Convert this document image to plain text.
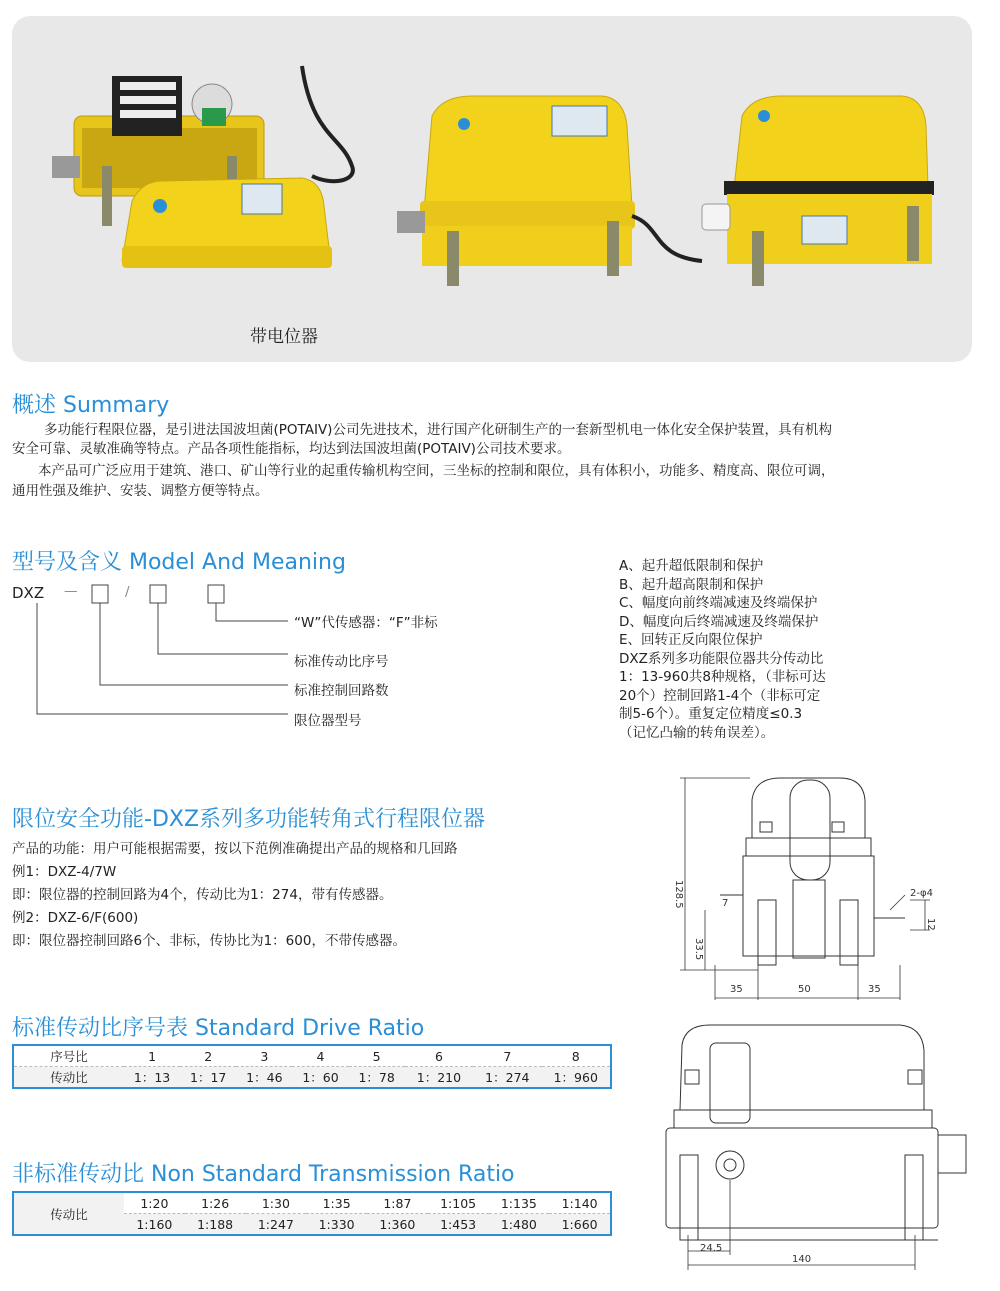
带电位器
概述 Summary
多功能行程限位器，是引进法国波坦菌(POTAIV)公司先进技术，进行国产化研制生产的一套新型机电一体化安全保护装置，具有机构
安全可靠、灵敏准确等特点。产品各项性能指标，均达到法国波坦菌(POTAIV)公司技术要求。
本产品可广泛应用于建筑、港口、矿山等行业的起重传输机构空间，三坐标的控制和限位，具有体积小，功能多、精度高、限位可调，
通用性强及维护、安装、调整方便等特点。
型号及含义 Model And Meaning
DXZ —	/
“W”代传感器：“F”非标
标准传动比序号
标准控制回路数
限位器型号
A、起升超低限制和保护
B、起升超高限制和保护
C、幅度向前终端减速及终端保护
D、幅度向后终端减速及终端保护
E、回转正反向限位保护
DXZ系列多功能限位器共分传动比
1：13-960共8种规格，（非标可达
20个）控制回路1-4个（非标可定
制5-6个）。重复定位精度≤0.3
（记忆凸输的转角误差）。
限位安全功能-DXZ系列多功能转角式行程限位器
产品的功能：用户可能根据需要，按以下范例准确提出产品的规格和几回路
例1：DXZ-4/7W
即：限位器的控制回路为4个，传动比为1：274，带有传感器。
例2：DXZ-6/F(600)
即：限位器控制回路6个、非标，传协比为1：600，不带传感器。
128.5
33.5
7
2-φ4
12
35	50	35
标准传动比序号表 Standard Drive Ratio
序号比	1	2	3	4	5	6	7	8
传动比	1：13	1：17	1：46	1：60	1：78	1：210	1：274	1：960
非标准传动比 Non Standard Transmission Ratio
传动比	1:20	1:26	1:30	1:35	1:87	1:105	1:135	1:140
	1:160	1:188	1:247	1:330	1:360	1:453	1:480	1:660
24.5
140
